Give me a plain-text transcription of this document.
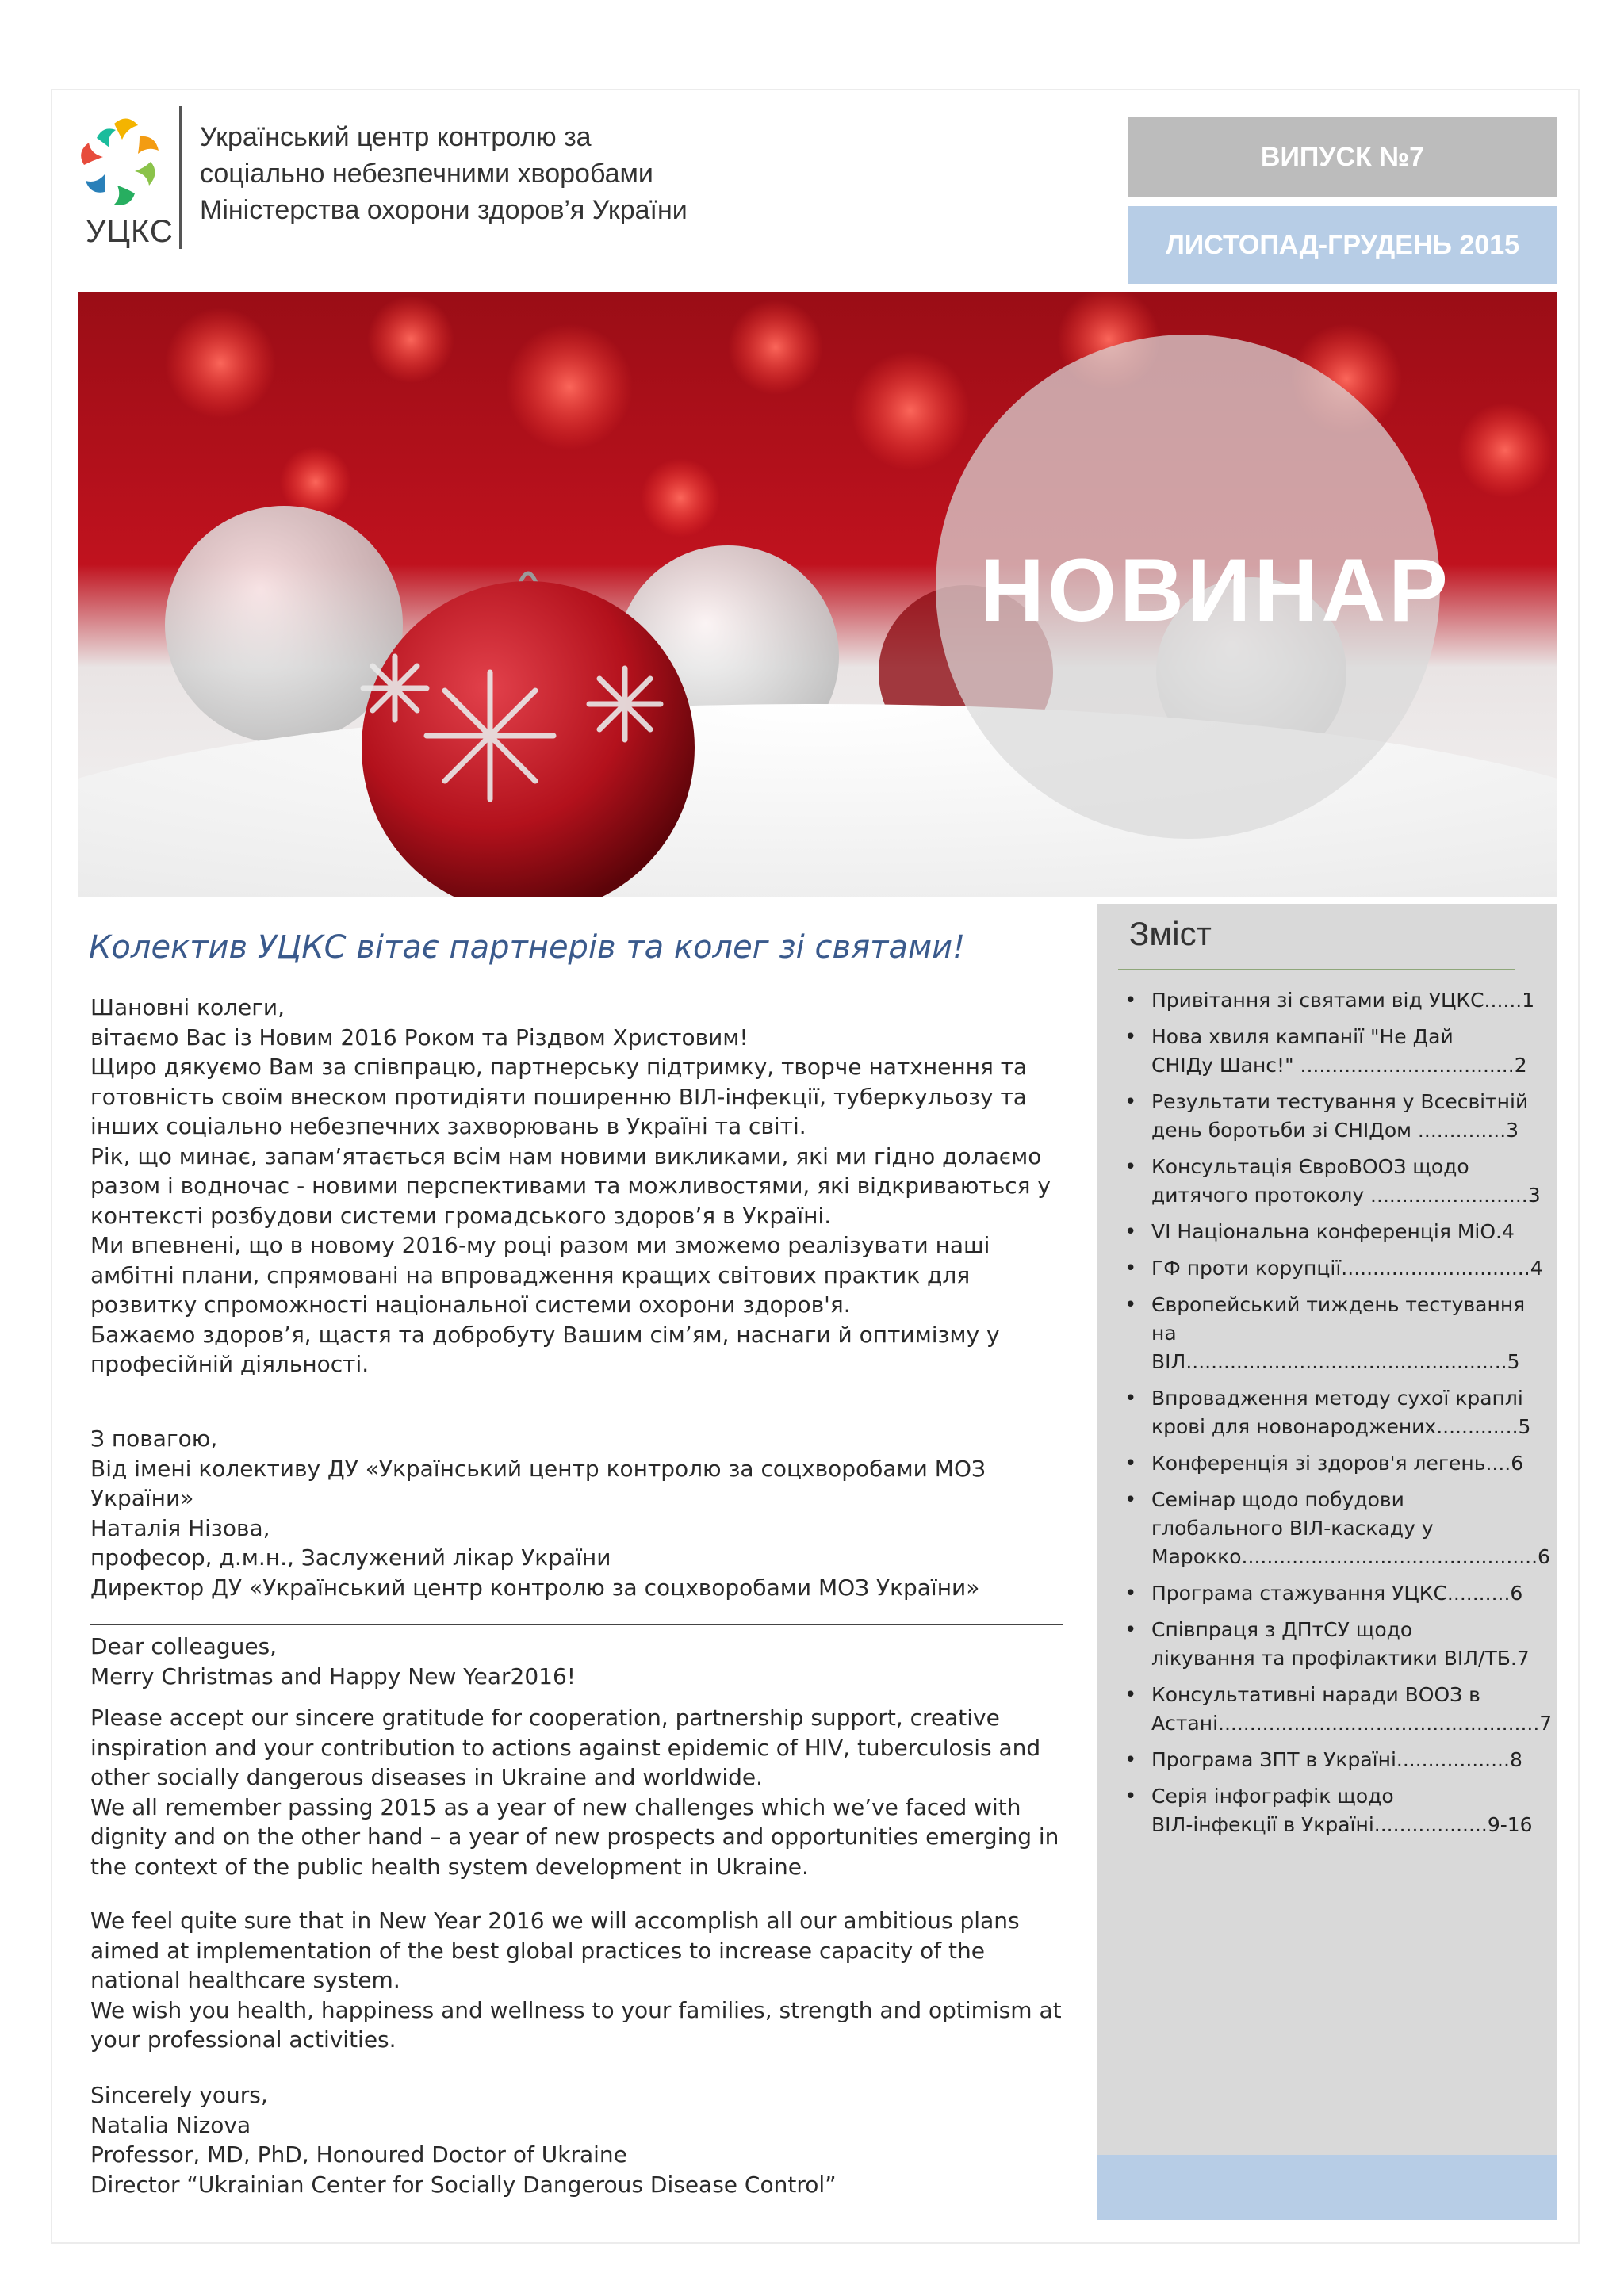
УЦКС
Український центр контролю за
соціально небезпечними хворобами
Міністерства охорони здоров’я України
ВИПУСК №7
ЛИСТОПАД-ГРУДЕНЬ 2015
НОВИНАР
Зміст
• Привітання зі святами від УЦКС......1
• Нова хвиля кампанії "Не Дай
СНІДу Шанс!" ..................................2
• Результати тестування у Всесвітній
день боротьби зі СНІДом ..............3
• Консультація ЄвроВООЗ щодо
дитячого протоколу .........................3
• VI Національна конференція МіО.4
• ГФ проти корупції..............................4
• Європейський тиждень тестування
на ВІЛ...................................................5
• Впровадження методу сухої краплі
крові для новонароджених.............5
• Конференція зі здоров'я легень....6
• Семінар щодо побудови
глобального ВІЛ-каскаду у
Марокко...............................................6
• Програма стажування УЦКС..........6
• Співпраця з ДПтСУ щодо
лікування та профілактики ВІЛ/ТБ.7
• Консультативні наради ВООЗ в
Астані...................................................7
• Програма ЗПТ в Україні..................8
• Серія інфографік щодо
ВІЛ-інфекції в Україні..................9-16
Колектив УЦКС вітає партнерів та колег зі святами!

Шановні колеги,

вітаємо Вас із Новим 2016 Роком та Різдвом Христовим!

Щиро дякуємо Вам за співпрацю, партнерську підтримку, творче натхнення та готовність своїм внеском протидіяти поширенню ВІЛ-інфекції, туберкульозу та інших соціально небезпечних захворювань в Україні та світі.

Рік, що минає, запам’ятається всім нам новими викликами, які ми гідно долаємо разом і водночас - новими перспективами та можливостями, які відкриваються у контексті розбудови системи громадського здоров’я в Україні.

Ми впевнені, що в новому 2016-му році разом ми зможемо реалізувати наші амбітні плани, спрямовані на впровадження кращих світових практик для розвитку спроможності національної системи охорони здоров'я.

Бажаємо здоров’я, щастя та добробуту Вашим сім’ям, наснаги й оптимізму у професійній діяльності.

З повагою,

Від імені колективу ДУ «Український центр контролю за соцхворобами МОЗ України»

Наталія Нізова,

професор, д.м.н., Заслужений лікар України

Директор ДУ «Український центр контролю за соцхворобами МОЗ України»

Dear colleagues,

Merry Christmas and Happy New Year2016!

Please accept our sincere gratitude for cooperation, partnership support, creative inspiration and your contribution to actions against epidemic of HIV, tuberculosis and other socially dangerous diseases in Ukraine and worldwide.

We all remember passing 2015 as a year of new challenges which we’ve faced with dignity and on the other hand – a year of new prospects and opportunities emerging in the context of the public health system development in Ukraine.

We feel quite sure that in New Year 2016 we will accomplish all our ambitious plans aimed at implementation of the best global practices to increase capacity of the national healthcare system.

We wish you health, happiness and wellness to your families, strength and optimism at your professional activities.

Sincerely yours,

Natalia Nizova

Professor, MD, PhD, Honoured Doctor of Ukraine

Director “Ukrainian Center for Socially Dangerous Disease Control”
